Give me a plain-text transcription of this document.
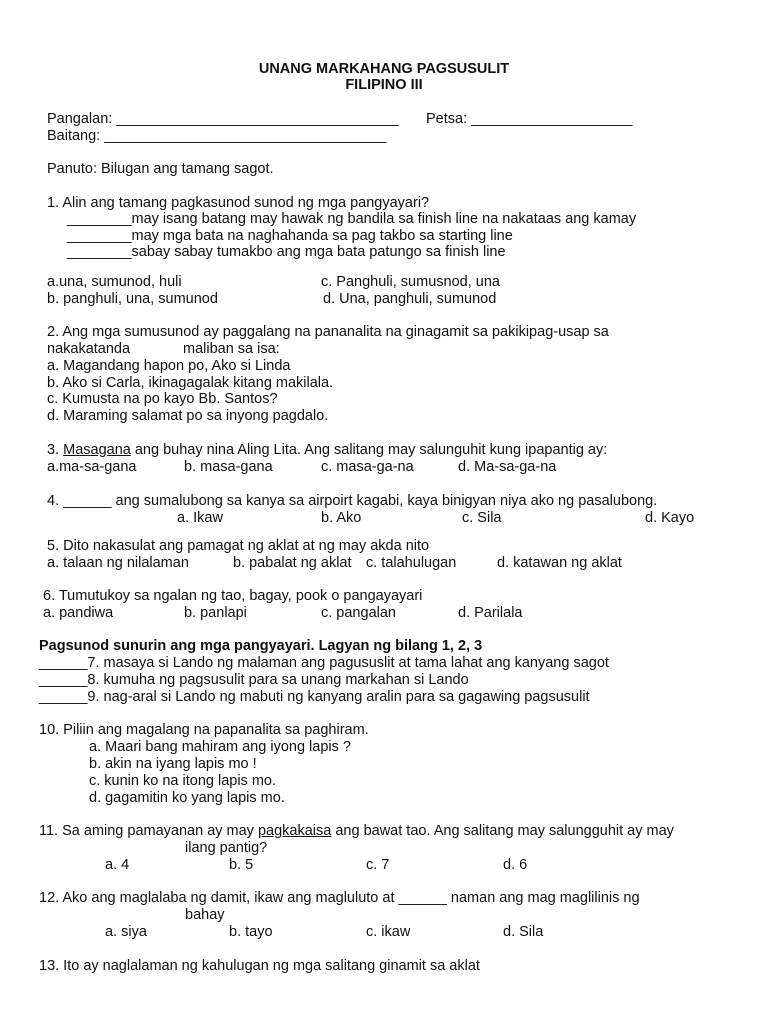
UNANG MARKAHANG PAGSUSULIT
FILIPINO III
Pangalan: ___________________________________ Petsa: ____________________
Baitang: ___________________________________
Panuto: Bilugan ang tamang sagot.
1. Alin ang tamang pagkasunod sunod ng mga pangyayari?
________may isang batang may hawak ng bandila sa finish line na nakataas ang kamay
________may mga bata na naghahanda sa pag takbo sa starting line
________sabay sabay tumakbo ang mga bata patungo sa finish line
a.una, sumunod, huli	c. Panghuli, sumusnod, una
b. panghuli, una, sumunod	d. Una, panghuli, sumunod
2. Ang mga sumusunod ay paggalang na pananalita na ginagamit sa pakikipag-usap sa
nakakatanda	maliban sa isa:
a. Magandang hapon po, Ako si Linda
b. Ako si Carla, ikinagagalak kitang makilala.
c. Kumusta na po kayo Bb. Santos?
d. Maraming salamat po sa inyong pagdalo.
3. Masagana ang buhay nina Aling Lita. Ang salitang may salunguhit kung ipapantig ay:
a.ma-sa-gana	b. masa-gana	c. masa-ga-na	d. Ma-sa-ga-na
4. ______ ang sumalubong sa kanya sa airpoirt kagabi, kaya binigyan niya ako ng pasalubong.
a. Ikaw	b. Ako	c. Sila	d. Kayo
5. Dito nakasulat ang pamagat ng aklat at ng may akda nito
a. talaan ng nilalaman	b. pabalat ng aklat c. talahulugan	d. katawan ng aklat
6. Tumutukoy sa ngalan ng tao, bagay, pook o pangayayari
a. pandiwa	b. panlapi	c. pangalan	d. Parilala
Pagsunod sunurin ang mga pangyayari. Lagyan ng bilang 1, 2, 3
______7. masaya si Lando ng malaman ang pagususlit at tama lahat ang kanyang sagot
______8. kumuha ng pagsusulit para sa unang markahan si Lando
______9. nag-aral si Lando ng mabuti ng kanyang aralin para sa gagawing pagsusulit
10. Piliin ang magalang na papanalita sa paghiram.
a. Maari bang mahiram ang iyong lapis ?
b. akin na iyang lapis mo !
c. kunin ko na itong lapis mo.
d. gagamitin ko yang lapis mo.
11. Sa aming pamayanan ay may pagkakaisa ang bawat tao. Ang salitang may salungguhit ay may
ilang pantig?
a. 4	b. 5	c. 7	d. 6
12. Ako ang maglalaba ng damit, ikaw ang magluluto at ______ naman ang mag maglilinis ng
bahay
a. siya	b. tayo	c. ikaw	d. Sila
13. Ito ay naglalaman ng kahulugan ng mga salitang ginamit sa aklat
